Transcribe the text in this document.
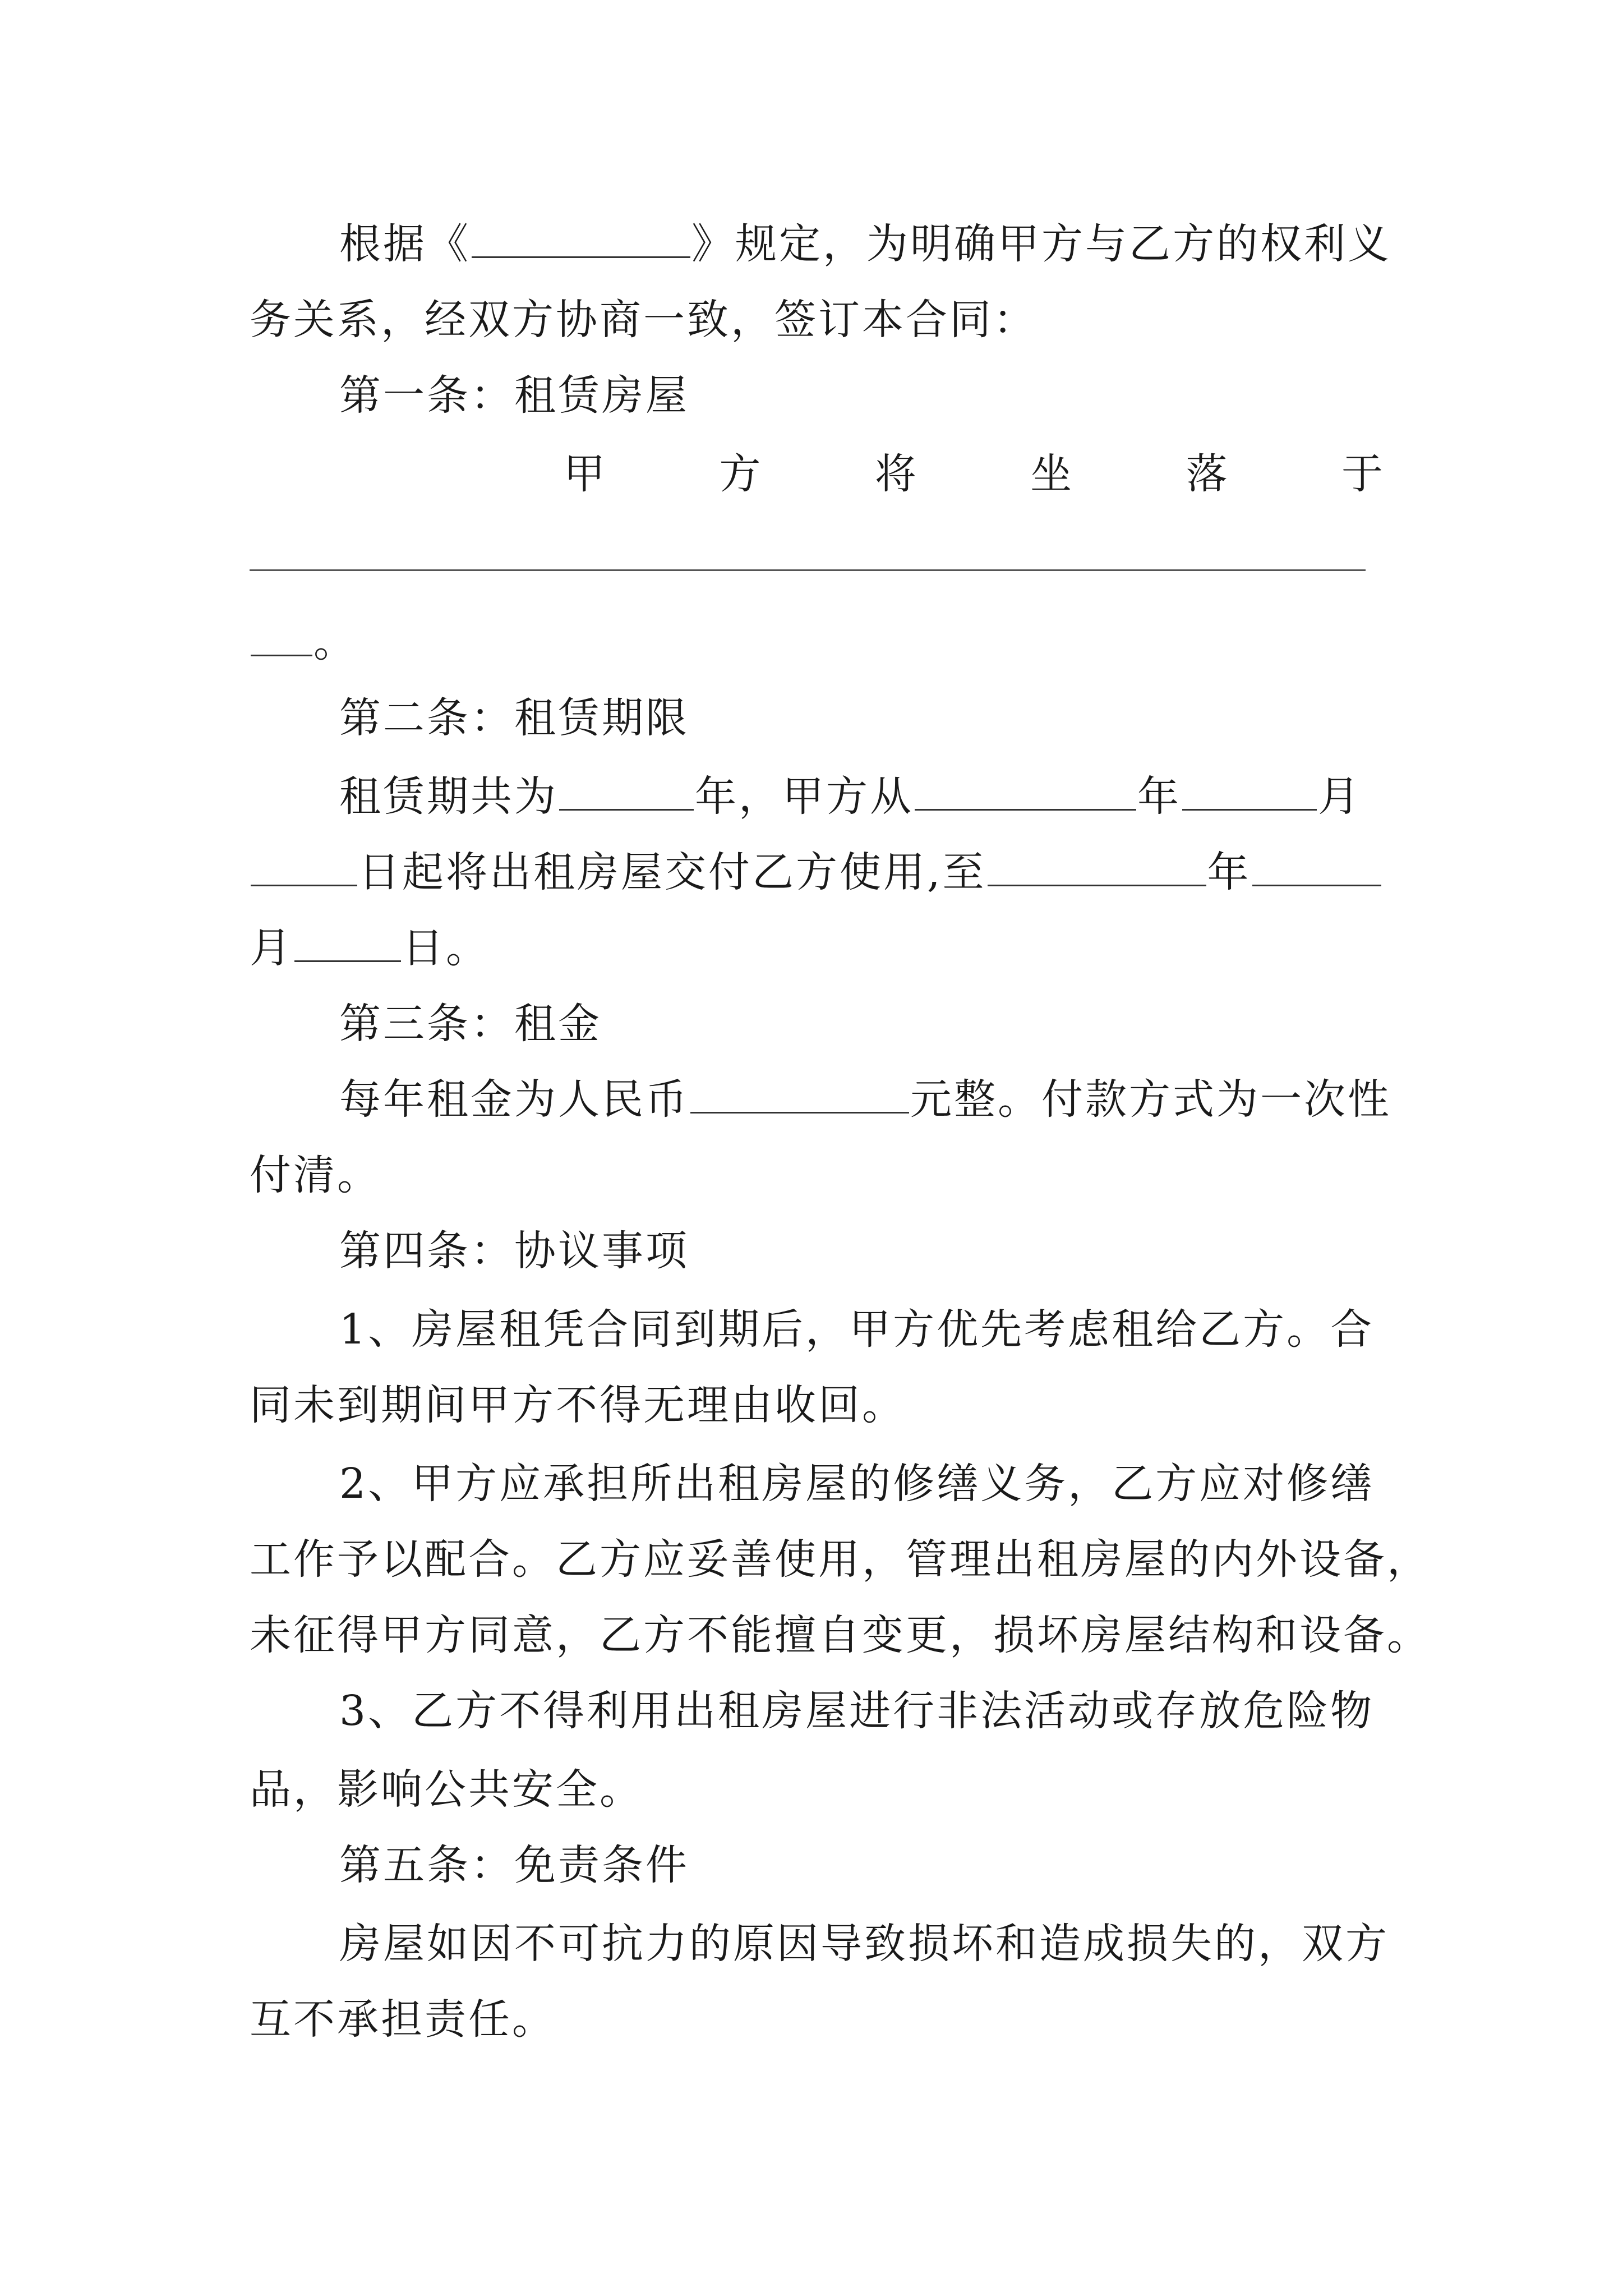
根据《	》规定，为明确甲方与乙方的权利义
务关系，经双方协商一致，签订本合同：
第一条：租赁房屋
甲	方	将	坐	落	于
。
第二条：租赁期限
租赁期共为	年，甲方从	年	月
日起将出租房屋交付乙方使用,至	年
月	日。
第三条：租金
每年租金为人民币	元整。付款方式为一次性
付清。
第四条：协议事项
1、房屋租凭合同到期后，甲方优先考虑租给乙方。合
同未到期间甲方不得无理由收回。
2、甲方应承担所出租房屋的修缮义务，乙方应对修缮
工作予以配合。乙方应妥善使用，管理出租房屋的内外设备，
未征得甲方同意，乙方不能擅自变更，损坏房屋结构和设备。
3、乙方不得利用出租房屋进行非法活动或存放危险物
品，影响公共安全。
第五条：免责条件
房屋如因不可抗力的原因导致损坏和造成损失的，双方
互不承担责任。
